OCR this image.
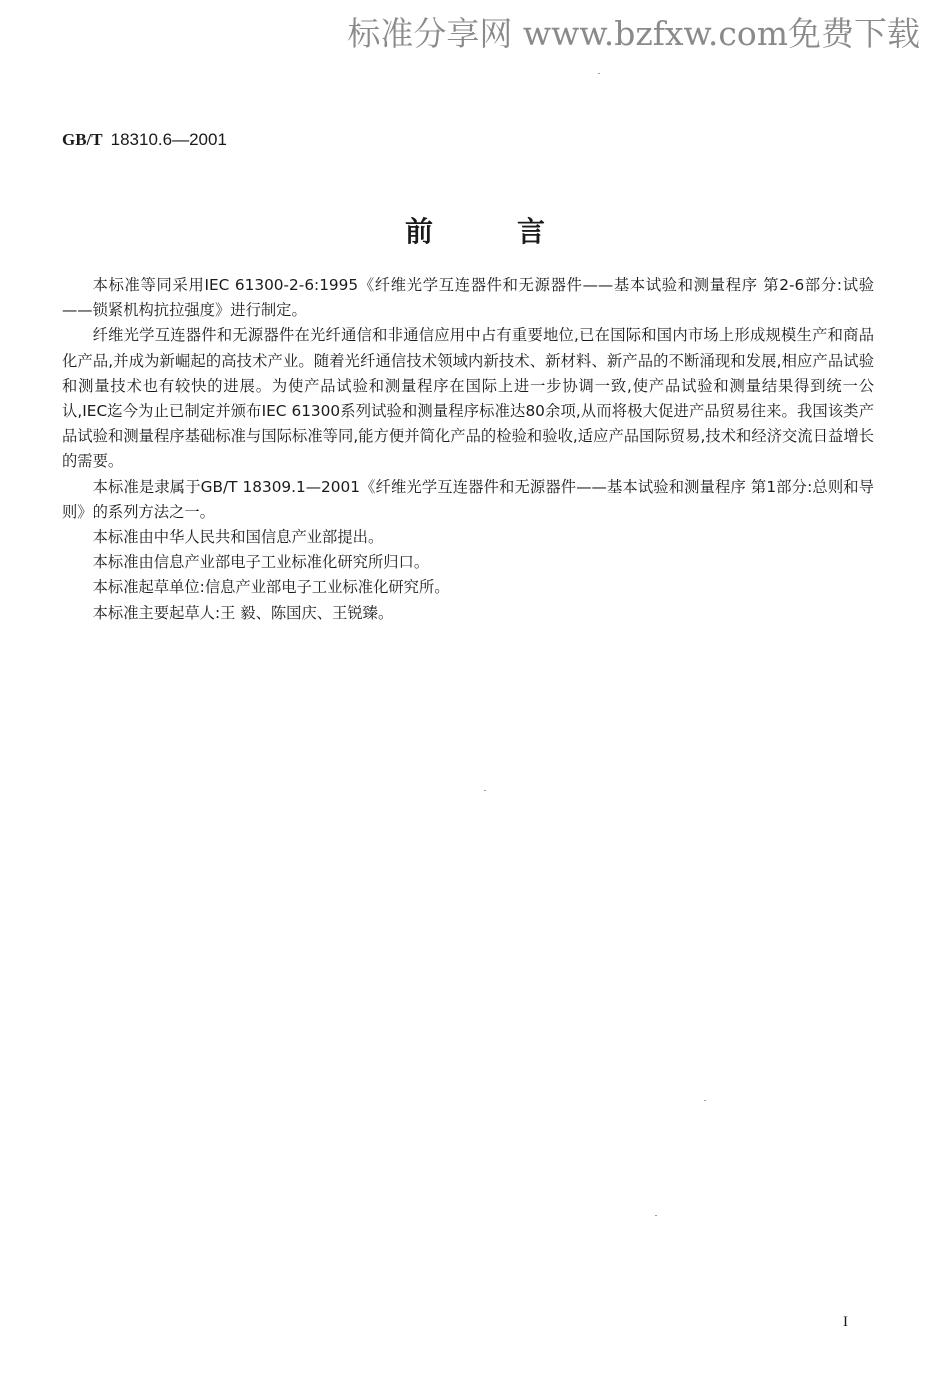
标准分享网 www.bzfxw.com免费下载
GB/T 18310.6—2001
前言

本标准等同采用IEC 61300-2-6:1995《纤维光学互连器件和无源器件——基本试验和测量程序 第2-6部分:试验——锁紧机构抗拉强度》进行制定。

纤维光学互连器件和无源器件在光纤通信和非通信应用中占有重要地位,已在国际和国内市场上形成规模生产和商品化产品,并成为新崛起的高技术产业。随着光纤通信技术领域内新技术、新材料、新产品的不断涌现和发展,相应产品试验和测量技术也有较快的进展。为使产品试验和测量程序在国际上进一步协调一致,使产品试验和测量结果得到统一公认,IEC迄今为止已制定并颁布IEC 61300系列试验和测量程序标准达80余项,从而将极大促进产品贸易往来。我国该类产品试验和测量程序基础标准与国际标准等同,能方便并简化产品的检验和验收,适应产品国际贸易,技术和经济交流日益增长的需要。

本标准是隶属于GB/T 18309.1—2001《纤维光学互连器件和无源器件——基本试验和测量程序 第1部分:总则和导则》的系列方法之一。

本标准由中华人民共和国信息产业部提出。

本标准由信息产业部电子工业标准化研究所归口。

本标准起草单位:信息产业部电子工业标准化研究所。

本标准主要起草人:王 毅、陈国庆、王锐臻。

I
